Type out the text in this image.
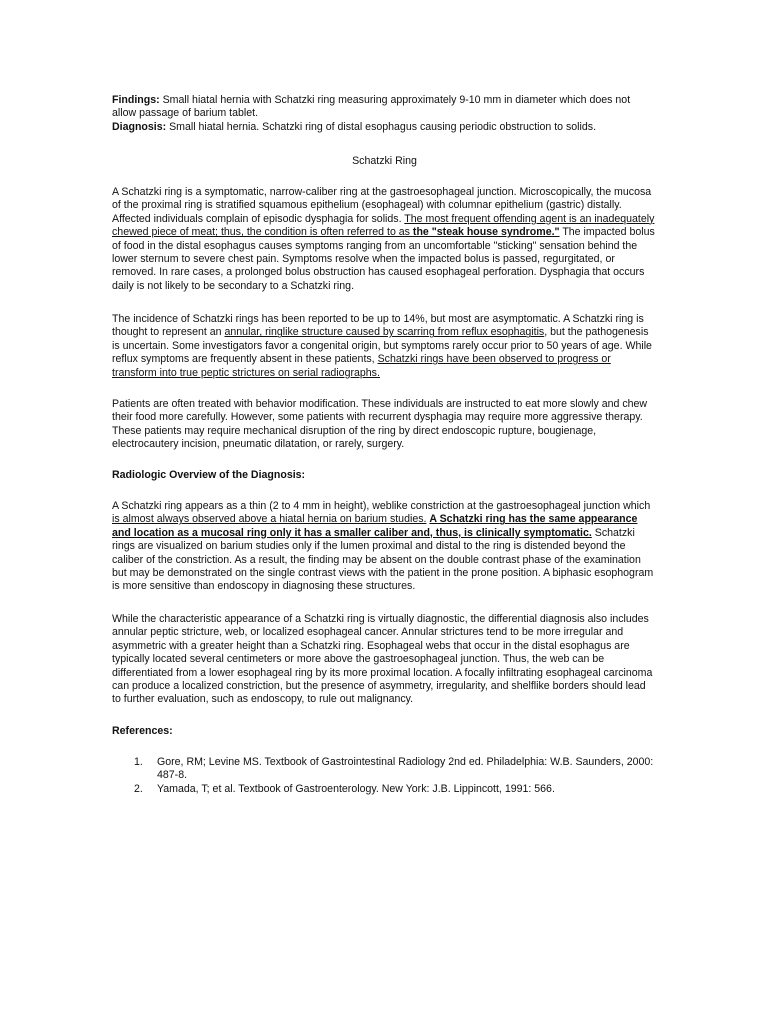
Findings: Small hiatal hernia with Schatzki ring measuring approximately 9-10 mm in diameter which does not allow passage of barium tablet.

Diagnosis: Small hiatal hernia. Schatzki ring of distal esophagus causing periodic obstruction to solids.

Schatzki Ring

A Schatzki ring is a symptomatic, narrow-caliber ring at the gastroesophageal junction. Microscopically, the mucosa of the proximal ring is stratified squamous epithelium (esophageal) with columnar epithelium (gastric) distally. Affected individuals complain of episodic dysphagia for solids. The most frequent offending agent is an inadequately chewed piece of meat; thus, the condition is often referred to as the "steak house syndrome." The impacted bolus of food in the distal esophagus causes symptoms ranging from an uncomfortable "sticking" sensation behind the lower sternum to severe chest pain. Symptoms resolve when the impacted bolus is passed, regurgitated, or removed. In rare cases, a prolonged bolus obstruction has caused esophageal perforation. Dysphagia that occurs daily is not likely to be secondary to a Schatzki ring.

The incidence of Schatzki rings has been reported to be up to 14%, but most are asymptomatic. A Schatzki ring is thought to represent an annular, ringlike structure caused by scarring from reflux esophagitis, but the pathogenesis is uncertain. Some investigators favor a congenital origin, but symptoms rarely occur prior to 50 years of age. While reflux symptoms are frequently absent in these patients, Schatzki rings have been observed to progress or transform into true peptic strictures on serial radiographs.

Patients are often treated with behavior modification. These individuals are instructed to eat more slowly and chew their food more carefully. However, some patients with recurrent dysphagia may require more aggressive therapy. These patients may require mechanical disruption of the ring by direct endoscopic rupture, bougienage, electrocautery incision, pneumatic dilatation, or rarely, surgery.

Radiologic Overview of the Diagnosis:

A Schatzki ring appears as a thin (2 to 4 mm in height), weblike constriction at the gastroesophageal junction which is almost always observed above a hiatal hernia on barium studies. A Schatzki ring has the same appearance and location as a mucosal ring only it has a smaller caliber and, thus, is clinically symptomatic. Schatzki rings are visualized on barium studies only if the lumen proximal and distal to the ring is distended beyond the caliber of the constriction. As a result, the finding may be absent on the double contrast phase of the examination but may be demonstrated on the single contrast views with the patient in the prone position. A biphasic esophogram is more sensitive than endoscopy in diagnosing these structures.

While the characteristic appearance of a Schatzki ring is virtually diagnostic, the differential diagnosis also includes annular peptic stricture, web, or localized esophageal cancer. Annular strictures tend to be more irregular and asymmetric with a greater height than a Schatzki ring. Esophageal webs that occur in the distal esophagus are typically located several centimeters or more above the gastroesophageal junction. Thus, the web can be differentiated from a lower esophageal ring by its more proximal location. A focally infiltrating esophageal carcinoma can produce a localized constriction, but the presence of asymmetry, irregularity, and shelflike borders should lead to further evaluation, such as endoscopy, to rule out malignancy.

References:

1. Gore, RM; Levine MS. Textbook of Gastrointestinal Radiology 2nd ed. Philadelphia: W.B. Saunders, 2000: 487-8.
2. Yamada, T; et al. Textbook of Gastroenterology. New York: J.B. Lippincott, 1991: 566.
